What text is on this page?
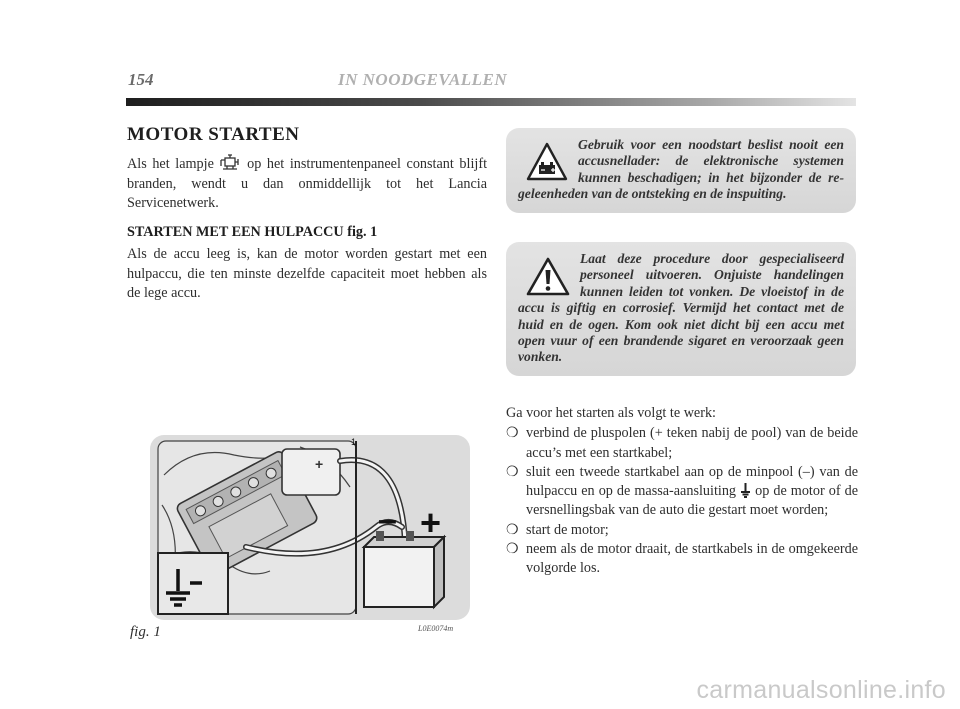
154	IN NOODGEVALLEN
MOTOR STARTEN
Als het lampje op het instrumentenpaneel constant blijft branden, wendt u dan onmiddellijk tot het Lancia Servicenetwerk.
STARTEN MET EEN HULPACCU fig. 1
Als de accu leeg is, kan de motor worden gestart met een hulpaccu, die ten minste dezelfde capaciteit moet hebben als de lege accu.
Gebruik voor een noodstart beslist nooit een accusnellader: de elektronische systemen kunnen beschadigen; in het bijzonder de regeleenheden van de ontsteking en de inspuiting.
Laat deze procedure door gespecialiseerd personeel uitvoeren. Onjuiste handelingen kunnen leiden tot vonken. De vloeistof in de accu is giftig en corrosief. Vermijd het contact met de huid en de ogen. Kom ook niet dicht bij een accu met open vuur of een brandende sigaret en veroorzaak geen vonken.

Ga voor het starten als volgt te werk:

❍ verbind de pluspolen (+ teken nabij de pool) van de beide accu’s met een startkabel;
❍ sluit een tweede startkabel aan op de minpool (–) van de hulpaccu en op de massa-aansluiting op de motor of de versnellingsbak van de auto die gestart moet worden;
❍ start de motor;
❍ neem als de motor draait, de startkabels in de omgekeerde volgorde los.
+
– +
1
fig. 1	L0E0074m
carmanualsonline.info
